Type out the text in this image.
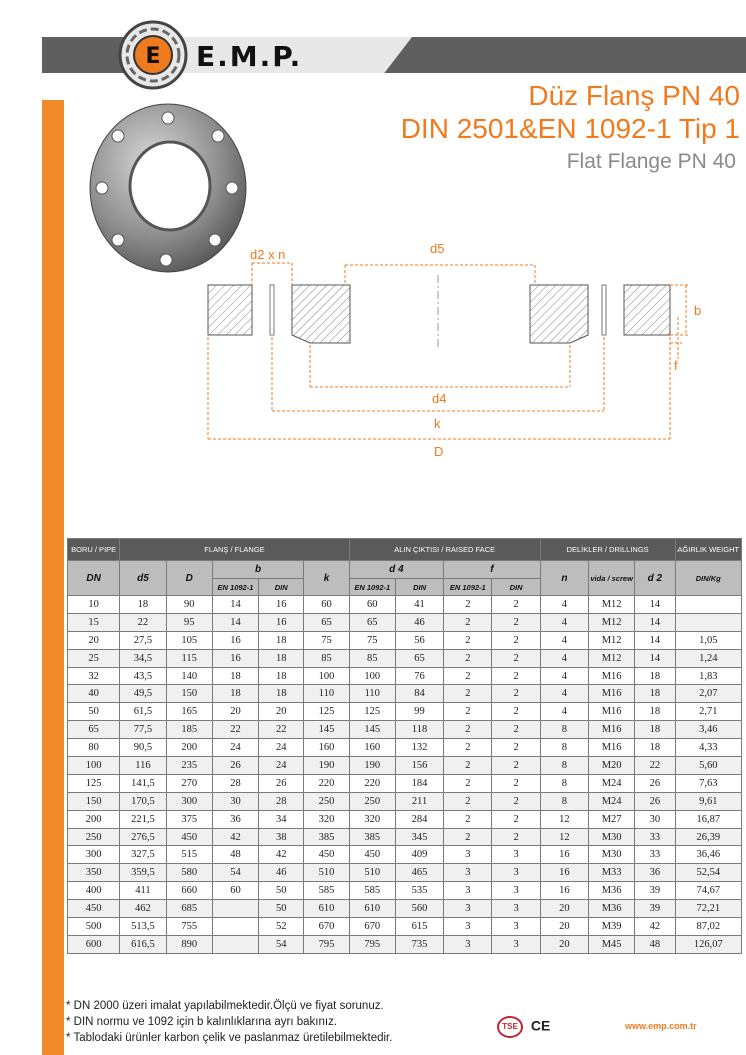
E E.M.P.
Düz Flanş PN 40
DIN 2501&EN 1092-1 Tip 1
Flat Flange PN 40
d2 x n	d5
b
f
d4
k
D
BORU / PIPE	FLANŞ / FLANGE					ALIN ÇIKTISI / RAISED FACE				DELİKLER / DRILLINGS			AĞIRLIK WEIGHT
DN	d5	D	b		k	d 4		f		n	vida / screw	d 2	DIN/Kg
			EN 1092-1	DIN		EN 1092-1	DIN	EN 1092-1	DIN				
10	18	90	14	16	60	60	41	2	2	4	M12	14	
15	22	95	14	16	65	65	46	2	2	4	M12	14	
20	27,5	105	16	18	75	75	56	2	2	4	M12	14	1,05
25	34,5	115	16	18	85	85	65	2	2	4	M12	14	1,24
32	43,5	140	18	18	100	100	76	2	2	4	M16	18	1,83
40	49,5	150	18	18	110	110	84	2	2	4	M16	18	2,07
50	61,5	165	20	20	125	125	99	2	2	4	M16	18	2,71
65	77,5	185	22	22	145	145	118	2	2	8	M16	18	3,46
80	90,5	200	24	24	160	160	132	2	2	8	M16	18	4,33
100	116	235	26	24	190	190	156	2	2	8	M20	22	5,60
125	141,5	270	28	26	220	220	184	2	2	8	M24	26	7,63
150	170,5	300	30	28	250	250	211	2	2	8	M24	26	9,61
200	221,5	375	36	34	320	320	284	2	2	12	M27	30	16,87
250	276,5	450	42	38	385	385	345	2	2	12	M30	33	26,39
300	327,5	515	48	42	450	450	409	3	3	16	M30	33	36,46
350	359,5	580	54	46	510	510	465	3	3	16	M33	36	52,54
400	411	660	60	50	585	585	535	3	3	16	M36	39	74,67
450	462	685		50	610	610	560	3	3	20	M36	39	72,21
500	513,5	755		52	670	670	615	3	3	20	M39	42	87,02
600	616,5	890		54	795	795	735	3	3	20	M45	48	126,07
* DN 2000 üzeri imalat yapılabilmektedir.Ölçü ve fiyat sorunuz.
* DIN normu ve 1092 için b kalınlıklarına ayrı bakınız.
* Tablodaki ürünler karbon çelik ve paslanmaz üretilebilmektedir.
TSE CE	www.emp.com.tr
